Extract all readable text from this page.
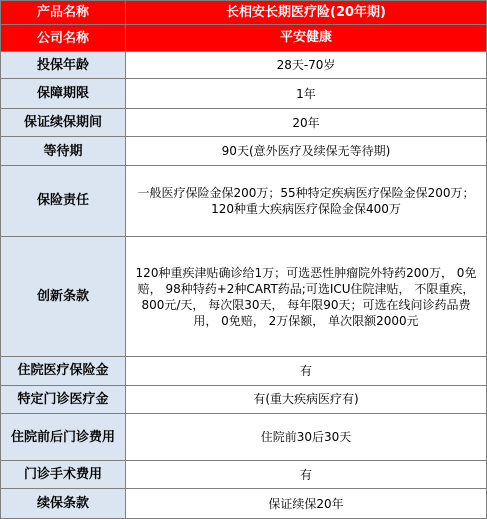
产品名称	长相安长期医疗险(20年期)
公司名称	平安健康
投保年龄	28天-70岁
保障期限	1年
保证续保期间	20年
等待期	90天(意外医疗及续保无等待期)
保险责任	一般医疗保险金保200万；55种特定疾病医疗保险金保200万；120种重大疾病医疗保险金保400万
创新条款	120种重疾津贴确诊给1万；可选恶性肿瘤院外特药200万， 0免赔， 98种特药+2种CART药品;可选ICU住院津贴， 不限重疾， 800元/天， 每次限30天， 每年限90天；可选在线问诊药品费用， 0免赔， 2万保额， 单次限额2000元
住院医疗保险金	有
特定门诊医疗金	有(重大疾病医疗有)
住院前后门诊费用	住院前30后30天
门诊手术费用	有
续保条款	保证续保20年
